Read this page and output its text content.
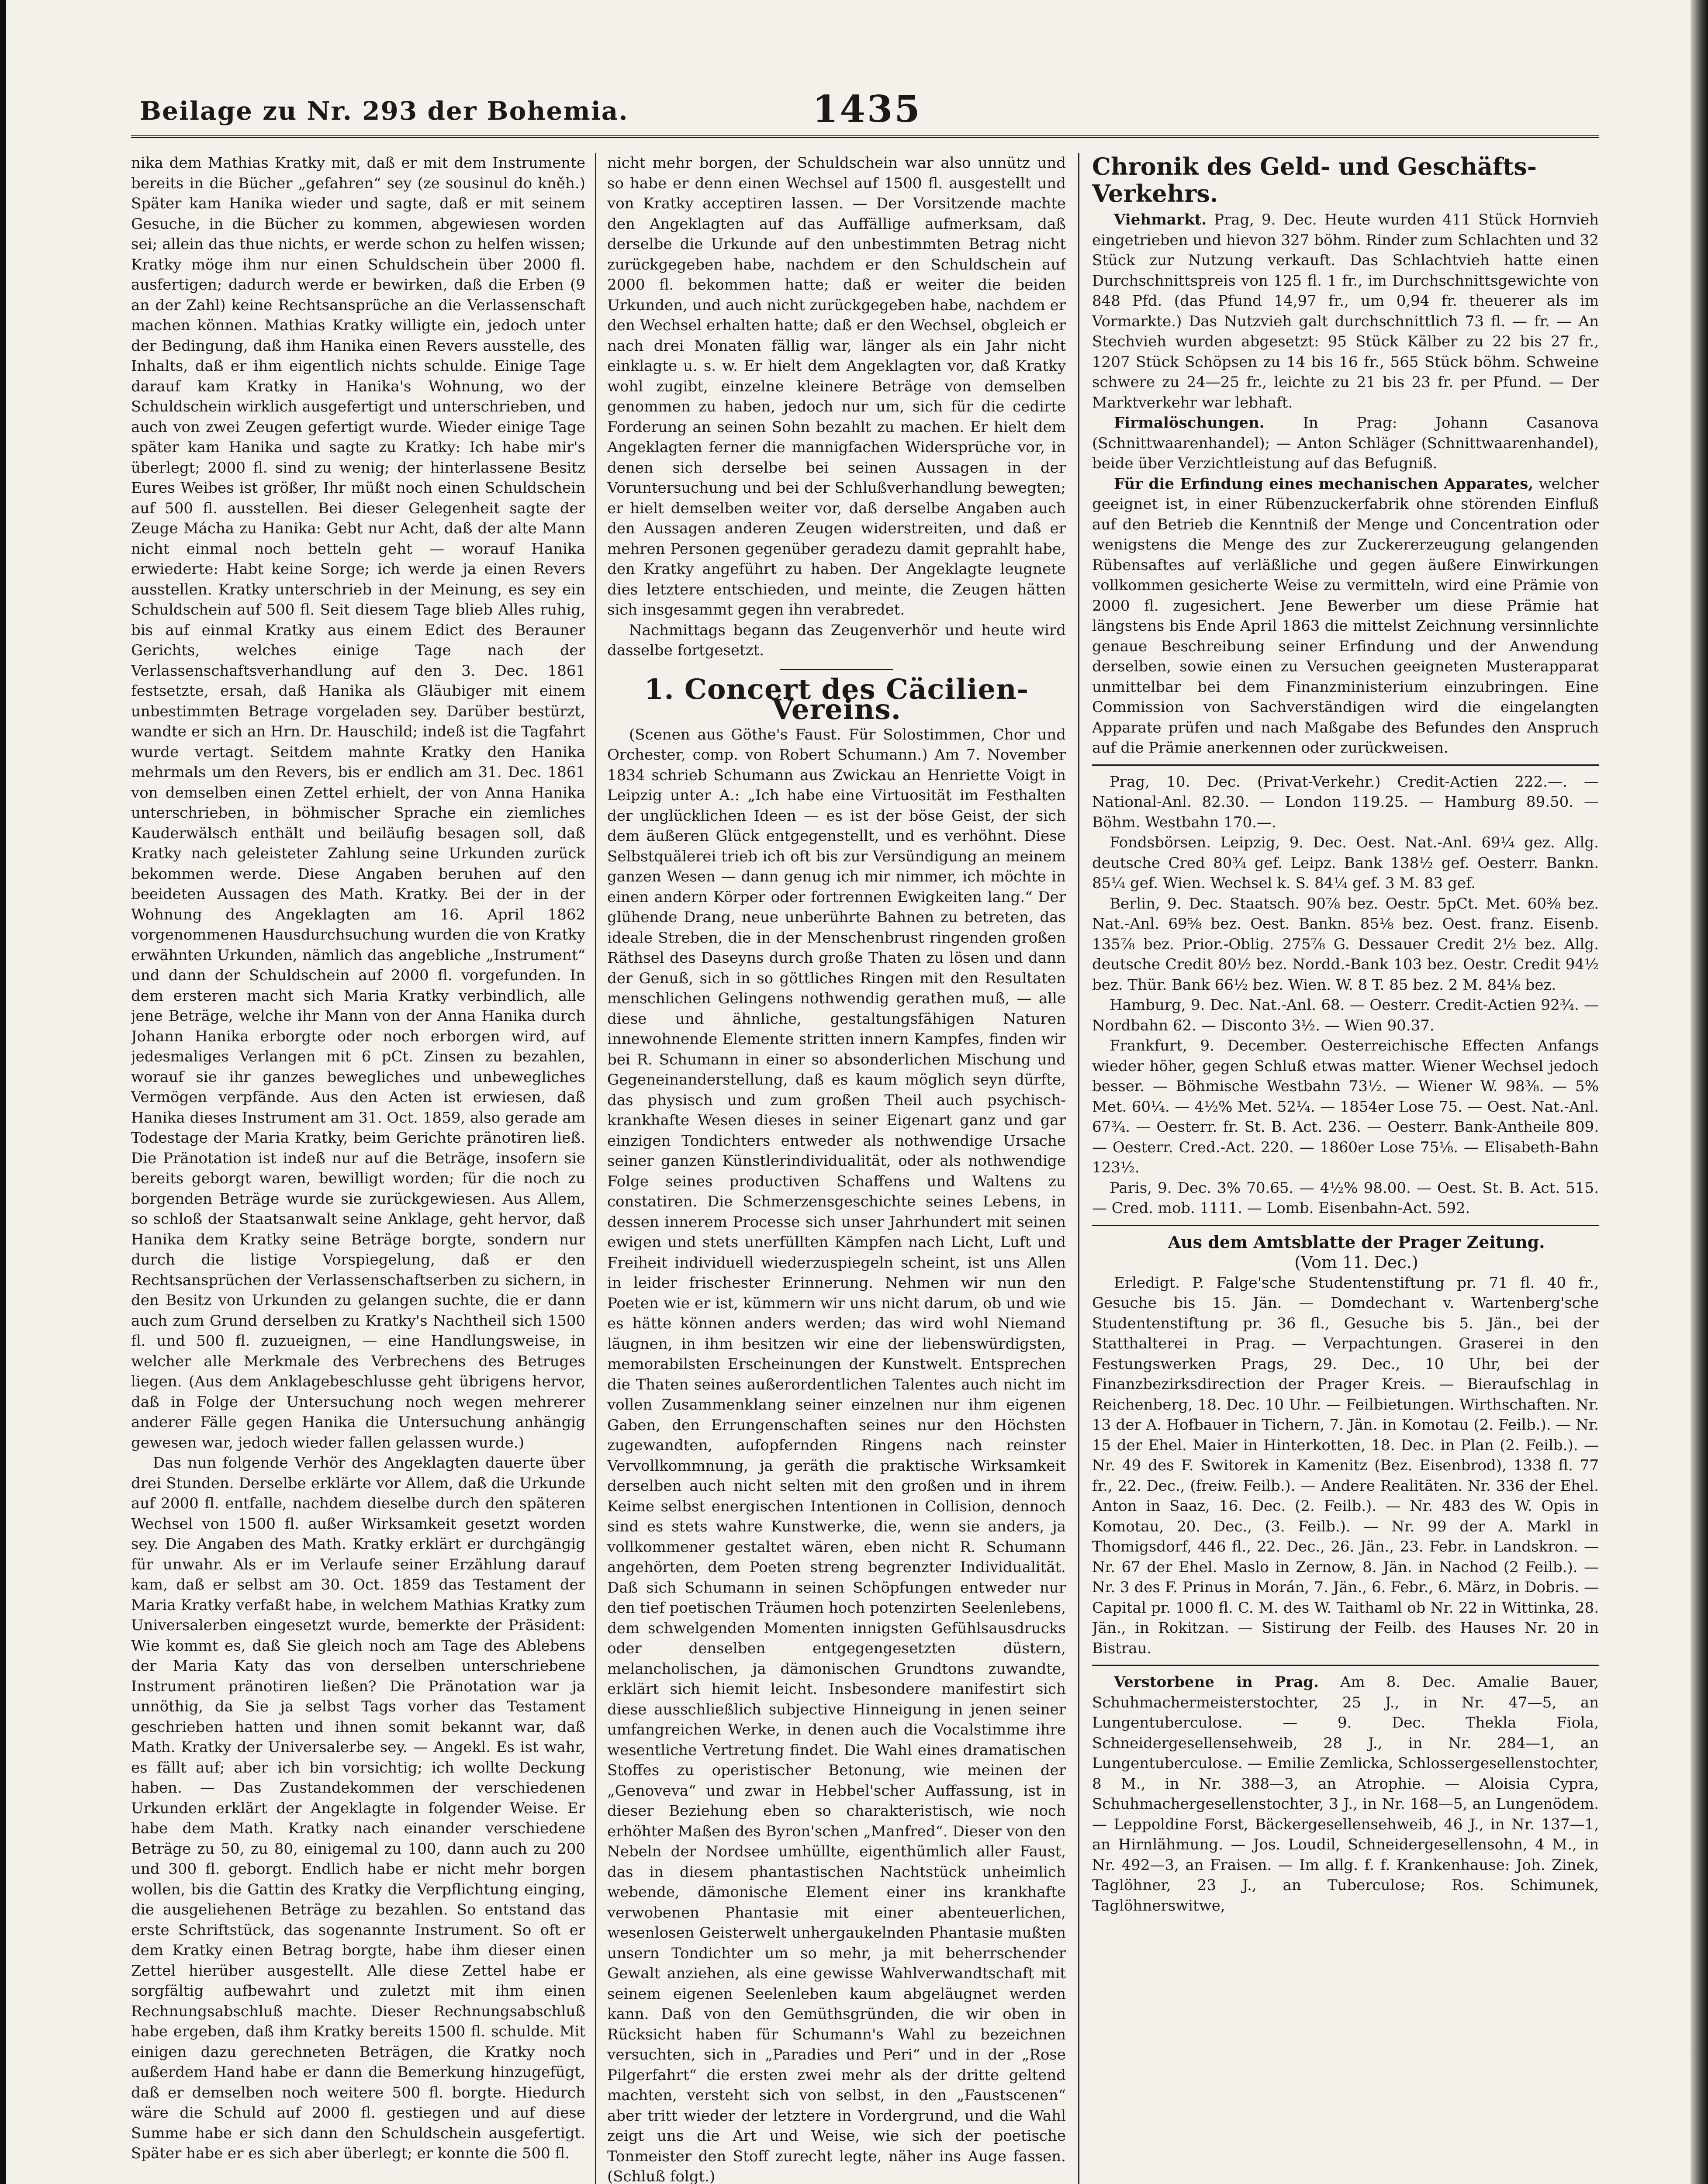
Beilage zu Nr. 293 der Bohemia.	1435

nika dem Mathias Kratky mit, daß er mit dem Instrumente bereits in die Bücher „gefahren“ sey (ze sousinul do kněh.) Später kam Hanika wieder und sagte, daß er mit seinem Gesuche, in die Bücher zu kommen, abgewiesen worden sei; allein das thue nichts, er werde schon zu helfen wissen; Kratky möge ihm nur einen Schuldschein über 2000 fl. ausfertigen; dadurch werde er bewirken, daß die Erben (9 an der Zahl) keine Rechtsansprüche an die Verlassenschaft machen können. Mathias Kratky willigte ein, jedoch unter der Bedingung, daß ihm Hanika einen Revers ausstelle, des Inhalts, daß er ihm eigentlich nichts schulde. Einige Tage darauf kam Kratky in Hanika's Wohnung, wo der Schuldschein wirklich ausgefertigt und unterschrieben, und auch von zwei Zeugen gefertigt wurde. Wieder einige Tage später kam Hanika und sagte zu Kratky: Ich habe mir's überlegt; 2000 fl. sind zu wenig; der hinterlassene Besitz Eures Weibes ist größer, Ihr müßt noch einen Schuldschein auf 500 fl. ausstellen. Bei dieser Gelegenheit sagte der Zeuge Mácha zu Hanika: Gebt nur Acht, daß der alte Mann nicht einmal noch betteln geht — worauf Hanika erwiederte: Habt keine Sorge; ich werde ja einen Revers ausstellen. Kratky unterschrieb in der Meinung, es sey ein Schuldschein auf 500 fl. Seit diesem Tage blieb Alles ruhig, bis auf einmal Kratky aus einem Edict des Berauner Gerichts, welches einige Tage nach der Verlassenschaftsverhandlung auf den 3. Dec. 1861 festsetzte, ersah, daß Hanika als Gläubiger mit einem unbestimmten Betrage vorgeladen sey. Darüber bestürzt, wandte er sich an Hrn. Dr. Hauschild; indeß ist die Tagfahrt wurde vertagt. Seitdem mahnte Kratky den Hanika mehrmals um den Revers, bis er endlich am 31. Dec. 1861 von demselben einen Zettel erhielt, der von Anna Hanika unterschrieben, in böhmischer Sprache ein ziemliches Kauderwälsch enthält und beiläufig besagen soll, daß Kratky nach geleisteter Zahlung seine Urkunden zurück bekommen werde. Diese Angaben beruhen auf den beeideten Aussagen des Math. Kratky. Bei der in der Wohnung des Angeklagten am 16. April 1862 vorgenommenen Hausdurchsuchung wurden die von Kratky erwähnten Urkunden, nämlich das angebliche „Instrument“ und dann der Schuldschein auf 2000 fl. vorgefunden. In dem ersteren macht sich Maria Kratky verbindlich, alle jene Beträge, welche ihr Mann von der Anna Hanika durch Johann Hanika erborgte oder noch erborgen wird, auf jedesmaliges Verlangen mit 6 pCt. Zinsen zu bezahlen, worauf sie ihr ganzes bewegliches und unbewegliches Vermögen verpfände. Aus den Acten ist erwiesen, daß Hanika dieses Instrument am 31. Oct. 1859, also gerade am Todestage der Maria Kratky, beim Gerichte pränotiren ließ. Die Pränotation ist indeß nur auf die Beträge, insofern sie bereits geborgt waren, bewilligt worden; für die noch zu borgenden Beträge wurde sie zurückgewiesen. Aus Allem, so schloß der Staatsanwalt seine Anklage, geht hervor, daß Hanika dem Kratky seine Beträge borgte, sondern nur durch die listige Vorspiegelung, daß er den Rechtsansprüchen der Verlassenschaftserben zu sichern, in den Besitz von Urkunden zu gelangen suchte, die er dann auch zum Grund derselben zu Kratky's Nachtheil sich 1500 fl. und 500 fl. zuzueignen, — eine Handlungsweise, in welcher alle Merkmale des Verbrechens des Betruges liegen. (Aus dem Anklagebeschlusse geht übrigens hervor, daß in Folge der Untersuchung noch wegen mehrerer anderer Fälle gegen Hanika die Untersuchung anhängig gewesen war, jedoch wieder fallen gelassen wurde.)

Das nun folgende Verhör des Angeklagten dauerte über drei Stunden. Derselbe erklärte vor Allem, daß die Urkunde auf 2000 fl. entfalle, nachdem dieselbe durch den späteren Wechsel von 1500 fl. außer Wirksamkeit gesetzt worden sey. Die Angaben des Math. Kratky erklärt er durchgängig für unwahr. Als er im Verlaufe seiner Erzählung darauf kam, daß er selbst am 30. Oct. 1859 das Testament der Maria Kratky verfaßt habe, in welchem Mathias Kratky zum Universalerben eingesetzt wurde, bemerkte der Präsident: Wie kommt es, daß Sie gleich noch am Tage des Ablebens der Maria Katy das von derselben unterschriebene Instrument pränotiren ließen? Die Pränotation war ja unnöthig, da Sie ja selbst Tags vorher das Testament geschrieben hatten und ihnen somit bekannt war, daß Math. Kratky der Universalerbe sey. — Angekl. Es ist wahr, es fällt auf; aber ich bin vorsichtig; ich wollte Deckung haben. — Das Zustandekommen der verschiedenen Urkunden erklärt der Angeklagte in folgender Weise. Er habe dem Math. Kratky nach einander verschiedene Beträge zu 50, zu 80, einigemal zu 100, dann auch zu 200 und 300 fl. geborgt. Endlich habe er nicht mehr borgen wollen, bis die Gattin des Kratky die Verpflichtung einging, die ausgeliehenen Beträge zu bezahlen. So entstand das erste Schriftstück, das sogenannte Instrument. So oft er dem Kratky einen Betrag borgte, habe ihm dieser einen Zettel hierüber ausgestellt. Alle diese Zettel habe er sorgfältig aufbewahrt und zuletzt mit ihm einen Rechnungsabschluß machte. Dieser Rechnungsabschluß habe ergeben, daß ihm Kratky bereits 1500 fl. schulde. Mit einigen dazu gerechneten Beträgen, die Kratky noch außerdem Hand habe er dann die Bemerkung hinzugefügt, daß er demselben noch weitere 500 fl. borgte. Hiedurch wäre die Schuld auf 2000 fl. gestiegen und auf diese Summe habe er sich dann den Schuldschein ausgefertigt. Später habe er es sich aber überlegt; er konnte die 500 fl.

nicht mehr borgen, der Schuldschein war also unnütz und so habe er denn einen Wechsel auf 1500 fl. ausgestellt und von Kratky acceptiren lassen. — Der Vorsitzende machte den Angeklagten auf das Auffällige aufmerksam, daß derselbe die Urkunde auf den unbestimmten Betrag nicht zurückgegeben habe, nachdem er den Schuldschein auf 2000 fl. bekommen hatte; daß er weiter die beiden Urkunden, und auch nicht zurückgegeben habe, nachdem er den Wechsel erhalten hatte; daß er den Wechsel, obgleich er nach drei Monaten fällig war, länger als ein Jahr nicht einklagte u. s. w. Er hielt dem Angeklagten vor, daß Kratky wohl zugibt, einzelne kleinere Beträge von demselben genommen zu haben, jedoch nur um, sich für die cedirte Forderung an seinen Sohn bezahlt zu machen. Er hielt dem Angeklagten ferner die mannigfachen Widersprüche vor, in denen sich derselbe bei seinen Aussagen in der Voruntersuchung und bei der Schlußverhandlung bewegten; er hielt demselben weiter vor, daß derselbe Angaben auch den Aussagen anderen Zeugen widerstreiten, und daß er mehren Personen gegenüber geradezu damit geprahlt habe, den Kratky angeführt zu haben. Der Angeklagte leugnete dies letztere entschieden, und meinte, die Zeugen hätten sich insgesammt gegen ihn verabredet.

Nachmittags begann das Zeugenverhör und heute wird dasselbe fortgesetzt.

1. Concert des Cäcilien-Vereins.

(Scenen aus Göthe's Faust. Für Solostimmen, Chor und Orchester, comp. von Robert Schumann.) Am 7. November 1834 schrieb Schumann aus Zwickau an Henriette Voigt in Leipzig unter A.: „Ich habe eine Virtuosität im Festhalten der unglücklichen Ideen — es ist der böse Geist, der sich dem äußeren Glück entgegenstellt, und es verhöhnt. Diese Selbstquälerei trieb ich oft bis zur Versündigung an meinem ganzen Wesen — dann genug ich mir nimmer, ich möchte in einen andern Körper oder fortrennen Ewigkeiten lang.“ Der glühende Drang, neue unberührte Bahnen zu betreten, das ideale Streben, die in der Menschenbrust ringenden großen Räthsel des Daseyns durch große Thaten zu lösen und dann der Genuß, sich in so göttliches Ringen mit den Resultaten menschlichen Gelingens nothwendig gerathen muß, — alle diese und ähnliche, gestaltungsfähigen Naturen innewohnende Elemente stritten innern Kampfes, finden wir bei R. Schumann in einer so absonderlichen Mischung und Gegeneinanderstellung, daß es kaum möglich seyn dürfte, das physisch und zum großen Theil auch psychisch-krankhafte Wesen dieses in seiner Eigenart ganz und gar einzigen Tondichters entweder als nothwendige Ursache seiner ganzen Künstlerindividualität, oder als nothwendige Folge seines productiven Schaffens und Waltens zu constatiren. Die Schmerzensgeschichte seines Lebens, in dessen innerem Processe sich unser Jahrhundert mit seinen ewigen und stets unerfüllten Kämpfen nach Licht, Luft und Freiheit individuell wiederzuspiegeln scheint, ist uns Allen in leider frischester Erinnerung. Nehmen wir nun den Poeten wie er ist, kümmern wir uns nicht darum, ob und wie es hätte können anders werden; das wird wohl Niemand läugnen, in ihm besitzen wir eine der liebenswürdigsten, memorabilsten Erscheinungen der Kunstwelt. Entsprechen die Thaten seines außerordentlichen Talentes auch nicht im vollen Zusammenklang seiner einzelnen nur ihm eigenen Gaben, den Errungenschaften seines nur den Höchsten zugewandten, aufopfernden Ringens nach reinster Vervollkommnung, ja geräth die praktische Wirksamkeit derselben auch nicht selten mit den großen und in ihrem Keime selbst energischen Intentionen in Collision, dennoch sind es stets wahre Kunstwerke, die, wenn sie anders, ja vollkommener gestaltet wären, eben nicht R. Schumann angehörten, dem Poeten streng begrenzter Individualität. Daß sich Schumann in seinen Schöpfungen entweder nur den tief poetischen Träumen hoch potenzirten Seelenlebens, dem schwelgenden Momenten innigsten Gefühlsausdrucks oder denselben entgegengesetzten düstern, melancholischen, ja dämonischen Grundtons zuwandte, erklärt sich hiemit leicht. Insbesondere manifestirt sich diese ausschließlich subjective Hinneigung in jenen seiner umfangreichen Werke, in denen auch die Vocalstimme ihre wesentliche Vertretung findet. Die Wahl eines dramatischen Stoffes zu operistischer Betonung, wie meinen der „Genoveva“ und zwar in Hebbel'scher Auffassung, ist in dieser Beziehung eben so charakteristisch, wie noch erhöhter Maßen des Byron'schen „Manfred“. Dieser von den Nebeln der Nordsee umhüllte, eigenthümlich aller Faust, das in diesem phantastischen Nachtstück unheimlich webende, dämonische Element einer ins krankhafte verwobenen Phantasie mit einer abenteuerlichen, wesenlosen Geisterwelt unhergaukelnden Phantasie mußten unsern Tondichter um so mehr, ja mit beherrschender Gewalt anziehen, als eine gewisse Wahlverwandtschaft mit seinem eigenen Seelenleben kaum abgeläugnet werden kann. Daß von den Gemüthsgründen, die wir oben in Rücksicht haben für Schumann's Wahl zu bezeichnen versuchten, sich in „Paradies und Peri“ und in der „Rose Pilgerfahrt“ die ersten zwei mehr als der dritte geltend machten, versteht sich von selbst, in den „Faustscenen“ aber tritt wieder der letztere in Vordergrund, und die Wahl zeigt uns die Art und Weise, wie sich der poetische Tonmeister den Stoff zurecht legte, näher ins Auge fassen. (Schluß folgt.)

Chronik des Geld- und Geschäfts-Verkehrs.

Viehmarkt. Prag, 9. Dec. Heute wurden 411 Stück Hornvieh eingetrieben und hievon 327 böhm. Rinder zum Schlachten und 32 Stück zur Nutzung verkauft. Das Schlachtvieh hatte einen Durchschnittspreis von 125 fl. 1 fr., im Durchschnittsgewichte von 848 Pfd. (das Pfund 14,97 fr., um 0,94 fr. theuerer als im Vormarkte.) Das Nutzvieh galt durchschnittlich 73 fl. — fr. — An Stechvieh wurden abgesetzt: 95 Stück Kälber zu 22 bis 27 fr., 1207 Stück Schöpsen zu 14 bis 16 fr., 565 Stück böhm. Schweine schwere zu 24—25 fr., leichte zu 21 bis 23 fr. per Pfund. — Der Marktverkehr war lebhaft.

Firmalöschungen.	In Prag: Johann Casanova (Schnittwaarenhandel); — Anton Schläger (Schnittwaarenhandel), beide über Verzichtleistung auf das Befugniß.

Für die Erfindung eines mechanischen Apparates, welcher geeignet ist, in einer Rübenzuckerfabrik ohne störenden Einfluß auf den Betrieb die Kenntniß der Menge und Concentration oder wenigstens die Menge des zur Zuckererzeugung gelangenden Rübensaftes auf verläßliche und gegen äußere Einwirkungen vollkommen gesicherte Weise zu vermitteln, wird eine Prämie von 2000 fl. zugesichert. Jene Bewerber um diese Prämie hat längstens bis Ende April 1863 die mittelst Zeichnung versinnlichte genaue Beschreibung seiner Erfindung und der Anwendung derselben, sowie einen zu Versuchen geeigneten Musterapparat unmittelbar bei dem Finanzministerium einzubringen. Eine Commission von Sachverständigen wird die eingelangten Apparate prüfen und nach Maßgabe des Befundes den Anspruch auf die Prämie anerkennen oder zurückweisen.

Prag, 10. Dec. (Privat-Verkehr.) Credit-Actien 222.—. — National-Anl. 82.30. — London 119.25. — Hamburg 89.50. — Böhm. Westbahn 170.—.

Fondsbörsen. Leipzig, 9. Dec. Oest. Nat.-Anl. 69¼ gez. Allg. deutsche Cred 80¾ gef. Leipz. Bank 138½ gef. Oesterr. Bankn. 85¼ gef. Wien. Wechsel k. S. 84¼ gef. 3 M. 83 gef.

Berlin, 9. Dec. Staatsch. 90⅞ bez. Oestr. 5pCt. Met. 60⅜ bez. Nat.-Anl. 69⅝ bez. Oest. Bankn. 85⅛ bez. Oest. franz. Eisenb. 135⅞ bez. Prior.-Oblig. 275⅞ G. Dessauer Credit 2½ bez. Allg. deutsche Credit 80½ bez. Nordd.-Bank 103 bez. Oestr. Credit 94½ bez. Thür. Bank 66½ bez. Wien. W. 8 T. 85 bez. 2 M. 84⅛ bez.

Hamburg, 9. Dec. Nat.-Anl. 68. — Oesterr. Credit-Actien 92¾. — Nordbahn 62. — Disconto 3½. — Wien 90.37.

Frankfurt, 9. December. Oesterreichische Effecten Anfangs wieder höher, gegen Schluß etwas matter. Wiener Wechsel jedoch besser. — Böhmische Westbahn 73½. — Wiener W. 98⅜. — 5% Met. 60¼. — 4½% Met. 52¼. — 1854er Lose 75. — Oest. Nat.-Anl. 67¾. — Oesterr. fr. St. B. Act. 236. — Oesterr. Bank-Antheile 809. — Oesterr. Cred.-Act. 220. — 1860er Lose 75⅛. — Elisabeth-Bahn 123½.

Paris, 9. Dec. 3% 70.65. — 4½% 98.00. — Oest. St. B. Act. 515. — Cred. mob. 1111. — Lomb. Eisenbahn-Act. 592.

Aus dem Amtsblatte der Prager Zeitung.

(Vom 11. Dec.)

Erledigt. P. Falge'sche Studentenstiftung pr. 71 fl. 40 fr., Gesuche bis 15. Jän. — Domdechant v. Wartenberg'sche Studentenstiftung pr. 36 fl., Gesuche bis 5. Jän., bei der Statthalterei in Prag. — Verpachtungen. Graserei in den Festungswerken Prags, 29. Dec., 10 Uhr, bei der Finanzbezirksdirection der Prager Kreis. — Bieraufschlag in Reichenberg, 18. Dec. 10 Uhr. — Feilbietungen. Wirthschaften. Nr. 13 der A. Hofbauer in Tichern, 7. Jän. in Komotau (2. Feilb.). — Nr. 15 der Ehel. Maier in Hinterkotten, 18. Dec. in Plan (2. Feilb.). — Nr. 49 des F. Switorek in Kamenitz (Bez. Eisenbrod), 1338 fl. 77 fr., 22. Dec., (freiw. Feilb.). — Andere Realitäten. Nr. 336 der Ehel. Anton in Saaz, 16. Dec. (2. Feilb.). — Nr. 483 des W. Opis in Komotau, 20. Dec., (3. Feilb.). — Nr. 99 der A. Markl in Thomigsdorf, 446 fl., 22. Dec., 26. Jän., 23. Febr. in Landskron. — Nr. 67 der Ehel. Maslo in Zernow, 8. Jän. in Nachod (2 Feilb.). — Nr. 3 des F. Prinus in Morán, 7. Jän., 6. Febr., 6. März, in Dobris. — Capital pr. 1000 fl. C. M. des W. Taithaml ob Nr. 22 in Wittinka, 28. Jän., in Rokitzan. — Sistirung der Feilb. des Hauses Nr. 20 in Bistrau.

Verstorbene in Prag. Am 8. Dec. Amalie Bauer, Schuhmachermeisterstochter, 25 J., in Nr. 47—5, an Lungentuberculose. — 9. Dec. Thekla Fiola, Schneidergesellensehweib, 28 J., in Nr. 284—1, an Lungentuberculose. — Emilie Zemlicka, Schlossergesellenstochter, 8 M., in Nr. 388—3, an Atrophie. — Aloisia Cypra, Schuhmachergesellenstochter, 3 J., in Nr. 168—5, an Lungenödem. — Leppoldine Forst, Bäckergesellensehweib, 46 J., in Nr. 137—1, an Hirnlähmung. — Jos. Loudil, Schneidergesellensohn, 4 M., in Nr. 492—3, an Fraisen. — Im allg. f. f. Krankenhause: Joh. Zinek, Taglöhner, 23 J., an Tuberculose; Ros. Schimunek, Taglöhnerswitwe,
